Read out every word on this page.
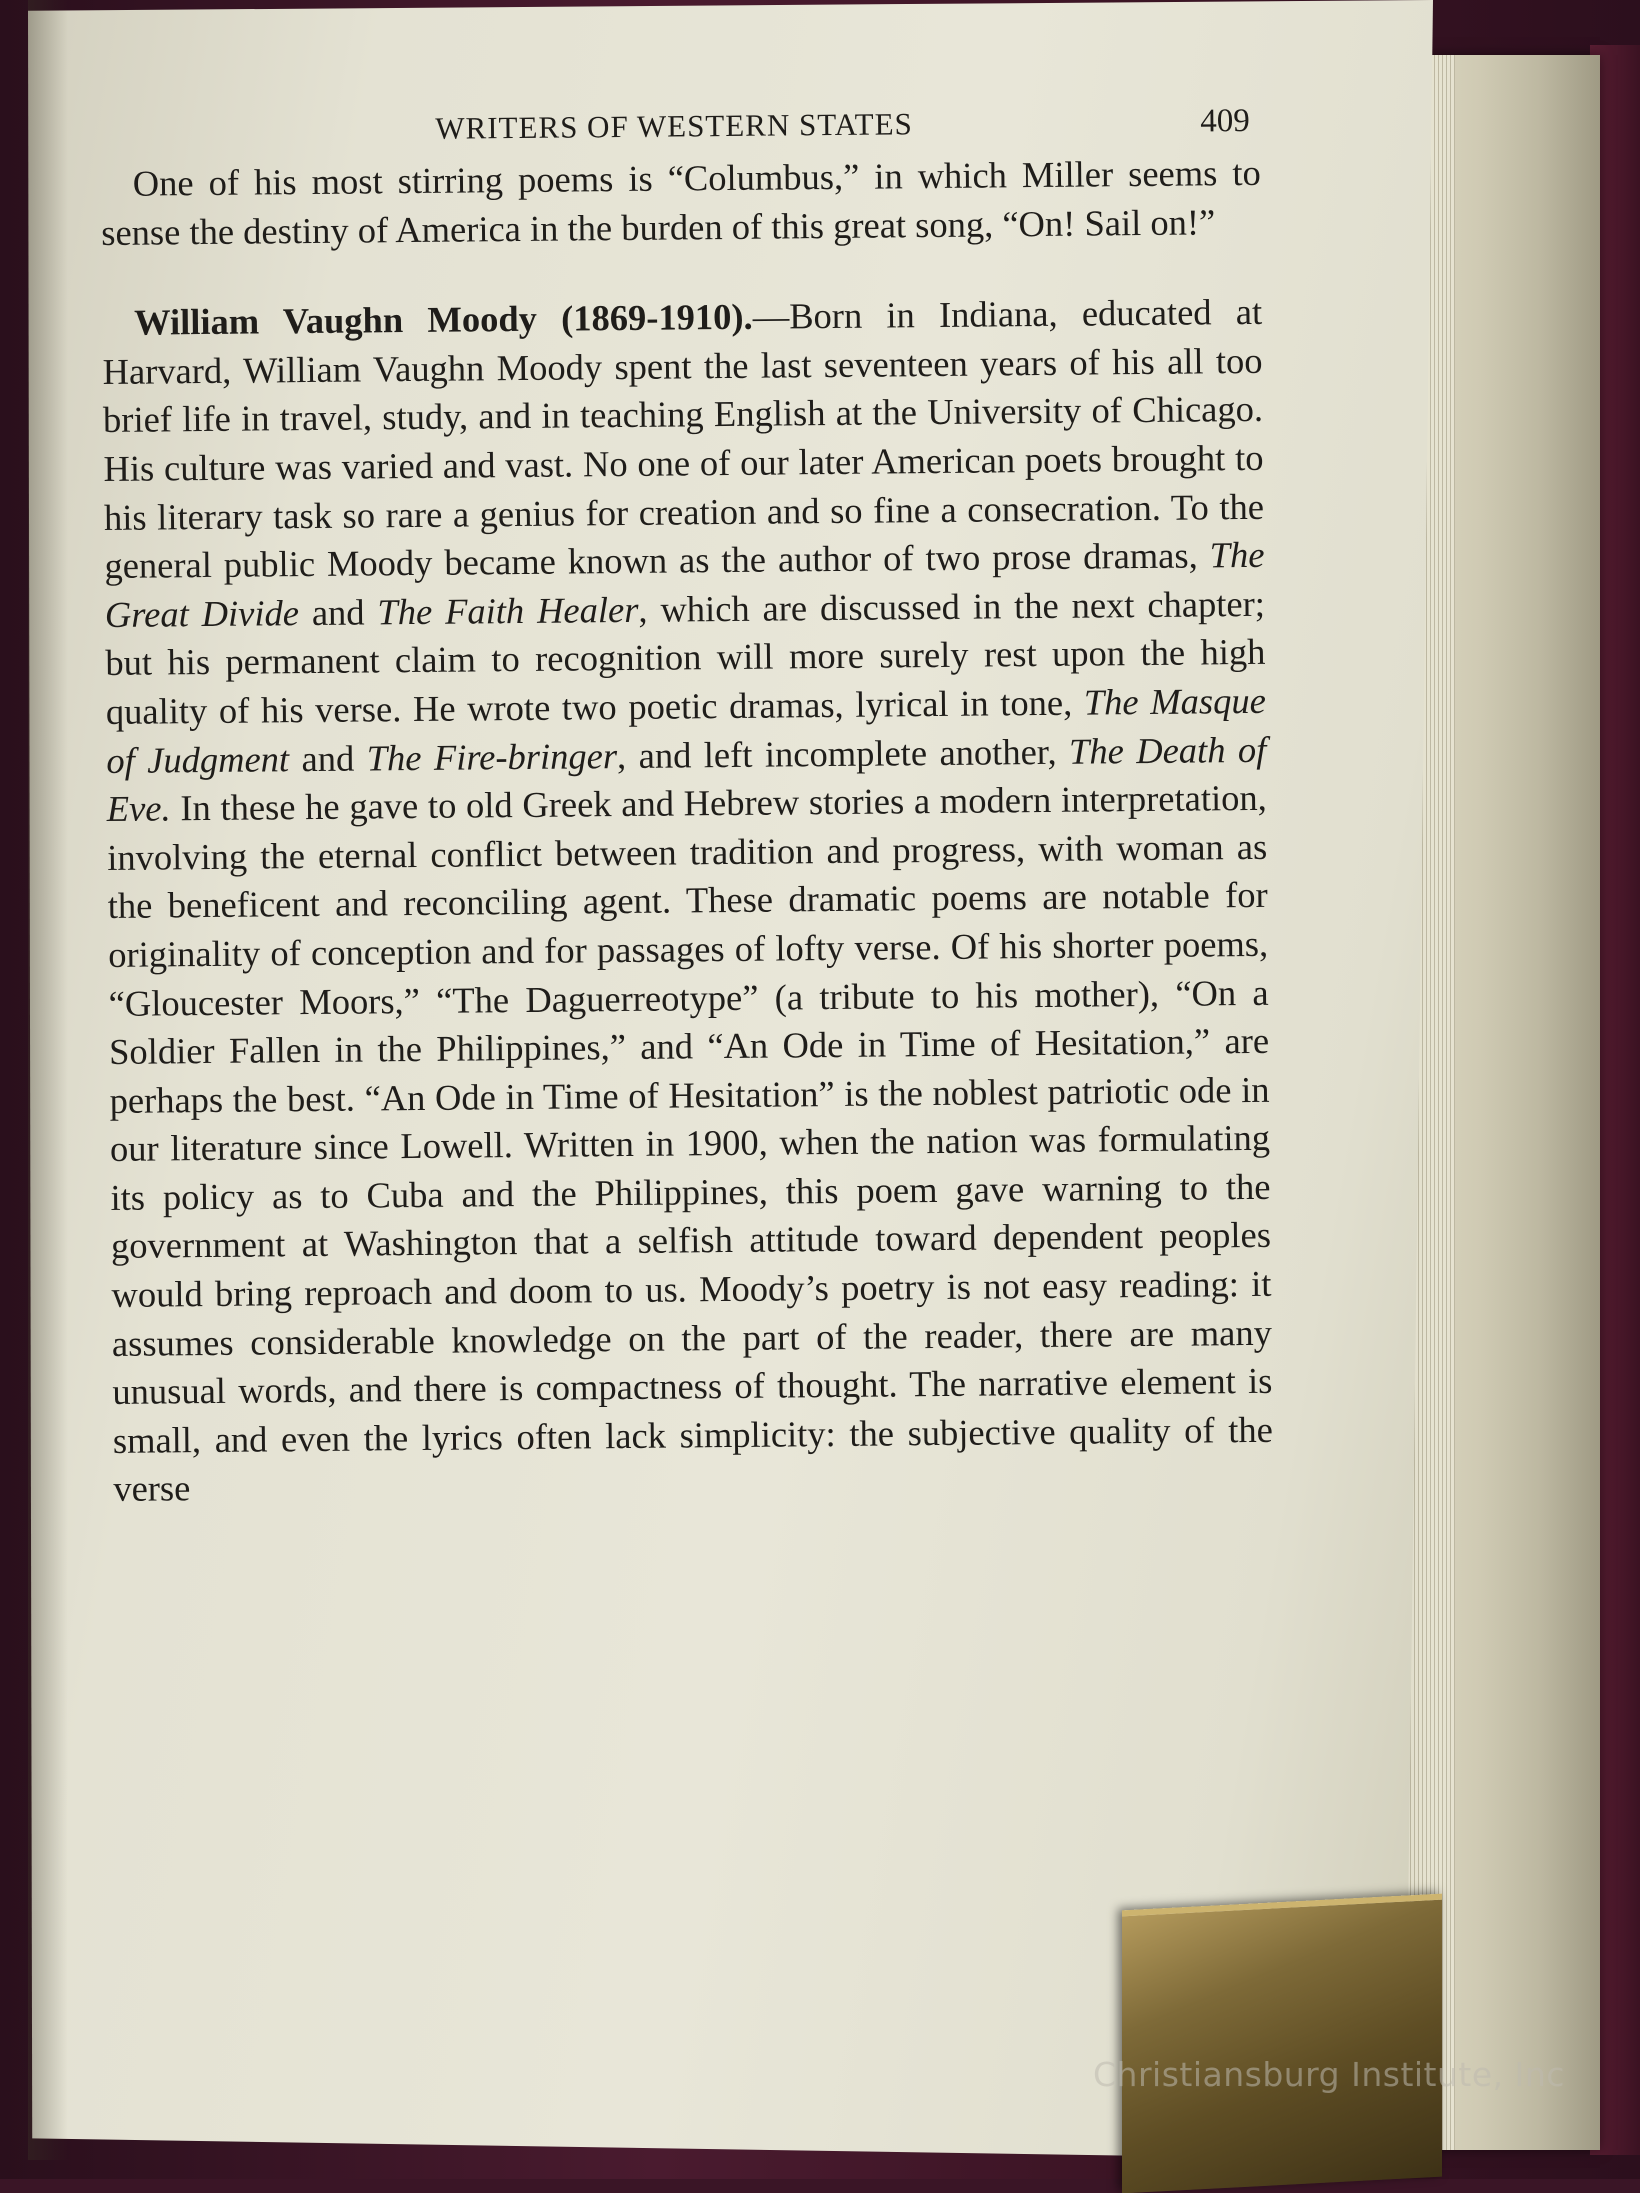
WRITERS OF WESTERN STATES	409

One of his most stirring poems is “Columbus,” in which Miller seems to sense the destiny of America in the burden of this great song, “On! Sail on!”

William Vaughn Moody (1869-1910).—Born in Indiana, educated at Harvard, William Vaughn Moody spent the last seventeen years of his all too brief life in travel, study, and in teaching English at the University of Chicago. His culture was varied and vast. No one of our later American poets brought to his literary task so rare a genius for creation and so fine a consecration. To the general public Moody became known as the author of two prose dramas, The Great Divide and The Faith Healer, which are discussed in the next chapter; but his permanent claim to recognition will more surely rest upon the high quality of his verse. He wrote two poetic dramas, lyrical in tone, The Masque of Judgment and The Fire-bringer, and left incomplete another, The Death of Eve. In these he gave to old Greek and Hebrew stories a modern interpretation, involving the eternal conflict between tradition and progress, with woman as the beneficent and reconciling agent. These dramatic poems are notable for originality of conception and for passages of lofty verse. Of his shorter poems, “Gloucester Moors,” “The Daguerreotype” (a tribute to his mother), “On a Soldier Fallen in the Philippines,” and “An Ode in Time of Hesitation,” are perhaps the best. “An Ode in Time of Hesitation” is the noblest patriotic ode in our literature since Lowell. Written in 1900, when the nation was formulating its policy as to Cuba and the Philippines, this poem gave warning to the government at Washington that a selfish attitude toward dependent peoples would bring reproach and doom to us. Moody’s poetry is not easy reading: it assumes considerable knowledge on the part of the reader, there are many unusual words, and there is compactness of thought. The narrative element is small, and even the lyrics often lack simplicity: the subjective quality of the verse

Christiansburg Institute, Inc
